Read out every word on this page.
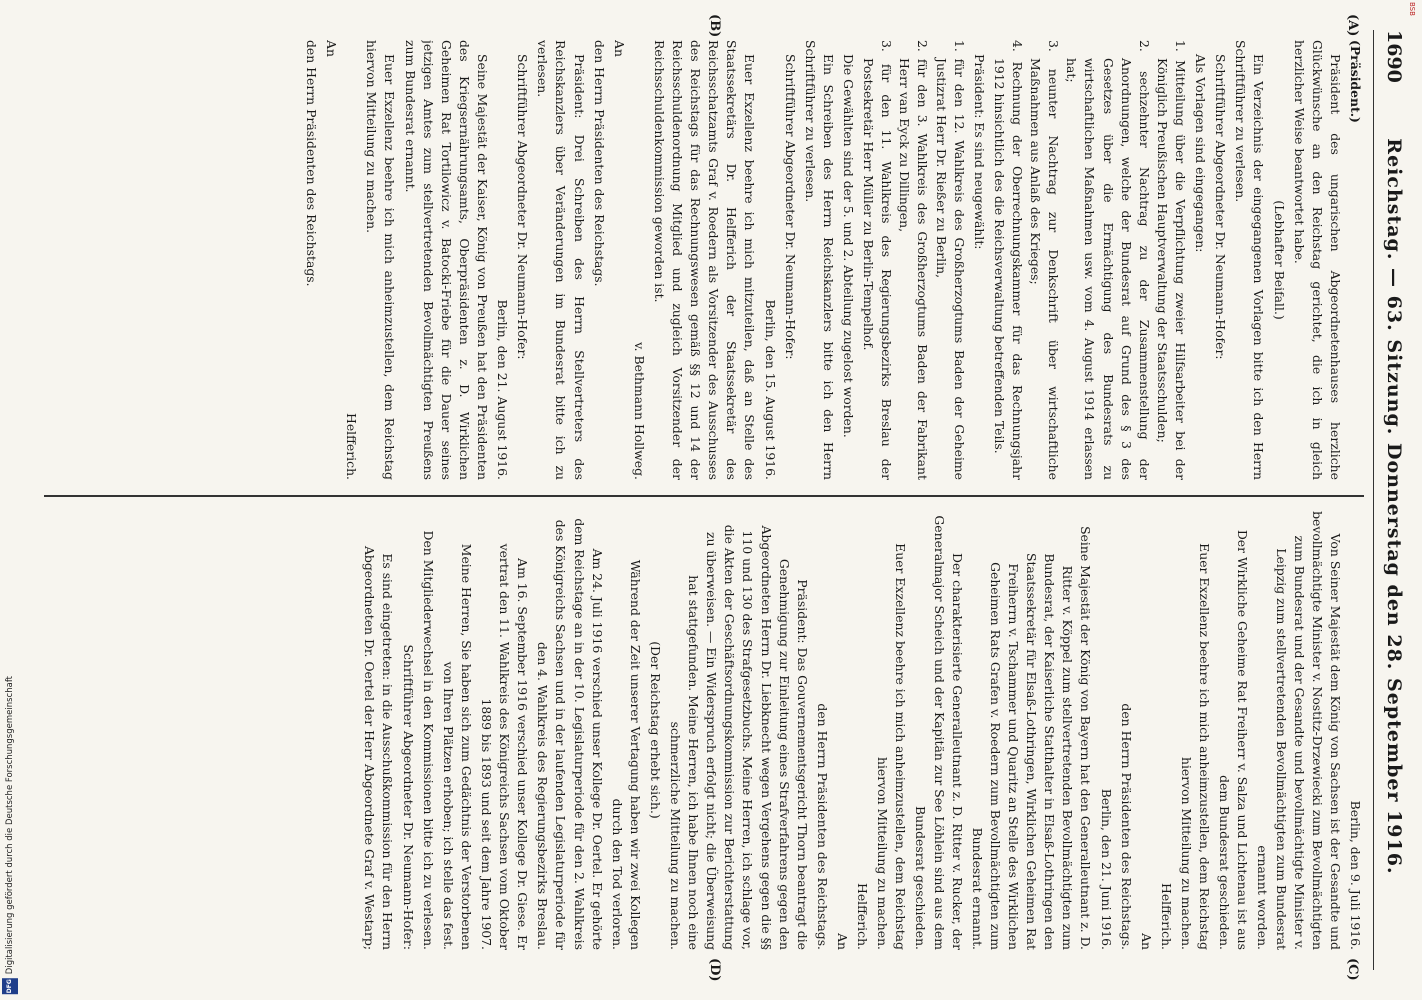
1690
Reichstag. — 63. Sitzung. Donnerstag den 28. September 1916.
(A)
(B)
(C)
(D)

(Präsident.)

Präsident des ungarischen Abgeordnetenhauses herzliche Glückwünsche an den Reichstag gerichtet, die ich in gleich herzlicher Weise beantwortet habe.

(Lebhafter Beifall.)

Ein Verzeichnis der eingegangenen Vorlagen bitte ich den Herrn Schriftführer zu verlesen.

Schriftführer Abgeordneter Dr. Neumann-Hofer:

Als Vorlagen sind eingegangen:

1. Mitteilung über die Verpflichtung zweier Hilfsarbeiter bei der Königlich Preußischen Hauptverwaltung der Staatsschulden;
2. sechzehnter Nachtrag zu der Zusammenstellung der Anordnungen, welche der Bundesrat auf Grund des § 3 des Gesetzes über die Ermächtigung des Bundesrats zu wirtschaftlichen Maßnahmen usw. vom 4. August 1914 erlassen hat;
3. neunter Nachtrag zur Denkschrift über wirtschaftliche Maßnahmen aus Anlaß des Krieges;
4. Rechnung der Oberrechnungskammer für das Rechnungsjahr 1912 hinsichtlich des die Reichsverwaltung betreffenden Teils.

Präsident: Es sind neugewählt:

1. für den 12. Wahlkreis des Großherzogtums Baden der Geheime Justizrat Herr Dr. Rießer zu Berlin,
2. für den 3. Wahlkreis des Großherzogtums Baden der Fabrikant Herr van Eyck zu Dillingen,
3. für den 11. Wahlkreis des Regierungsbezirks Breslau der Postsekretär Herr Müller zu Berlin-Tempelhof.

Die Gewählten sind der 5. und 2. Abteilung zugelost worden.

Ein Schreiben des Herrn Reichskanzlers bitte ich den Herrn Schriftführer zu verlesen.

Schriftführer Abgeordneter Dr. Neumann-Hofer:

Berlin, den 15. August 1916.

Euer Exzellenz beehre ich mich mitzuteilen, daß an Stelle des Staatssekretärs Dr. Helfferich der Staatssekretär des Reichsschatzamts Graf v. Roedern als Vorsitzender des Ausschusses des Reichstags für das Rechnungswesen gemäß §§ 12 und 14 der Reichsschuldenordnung Mitglied und zugleich Vorsitzender der Reichsschuldenkommission geworden ist.

v. Bethmann Hollweg.

An

den Herrn Präsidenten des Reichstags.

Präsident: Drei Schreiben des Herrn Stellvertreters des Reichskanzlers über Veränderungen im Bundesrat bitte ich zu verlesen.

Schriftführer Abgeordneter Dr. Neumann-Hofer:

Berlin, den 21. August 1916.

Seine Majestät der Kaiser, König von Preußen hat den Präsidenten des Kriegsernährungsamts, Oberpräsidenten z. D. Wirklichen Geheimen Rat Tortilowicz v. Batocki-Friebe für die Dauer seines jetzigen Amtes zum stellvertretenden Bevollmächtigten Preußens zum Bundesrat ernannt.

Euer Exzellenz beehre ich mich anheimzustellen, dem Reichstag hiervon Mitteilung zu machen.

Helfferich.

An

den Herrn Präsidenten des Reichstags.

Berlin, den 9. Juli 1916.

Von Seiner Majestät dem König von Sachsen ist der Gesandte und bevollmächtigte Minister v. Nostitz-Drzewiecki zum Bevollmächtigten zum Bundesrat und der Gesandte und bevollmächtigte Minister v. Leipzig zum stellvertretenden Bevollmächtigten zum Bundesrat ernannt worden.

Der Wirkliche Geheime Rat Freiherr v. Salza und Lichtenau ist aus dem Bundesrat geschieden.

Euer Exzellenz beehre ich mich anheimzustellen, dem Reichstag hiervon Mitteilung zu machen.

Helfferich.

An

den Herrn Präsidenten des Reichstags.

Berlin, den 21. Juni 1916.

Seine Majestät der König von Bayern hat den Generalleutnant z. D. Ritter v. Köppel zum stellvertretenden Bevollmächtigten zum Bundesrat, der Kaiserliche Statthalter in Elsaß-Lothringen den Staatssekretär für Elsaß-Lothringen, Wirklichen Geheimen Rat Freiherrn v. Tschammer und Quaritz an Stelle des Wirklichen Geheimen Rats Grafen v. Roedern zum Bevollmächtigten zum Bundesrat ernannt.

Der charakterisierte Generalleutnant z. D. Ritter v. Rucker, der Generalmajor Scheich und der Kapitän zur See Löhlein sind aus dem Bundesrat geschieden.

Euer Exzellenz beehre ich mich anheimzustellen, dem Reichstag hiervon Mitteilung zu machen.

Helfferich.

An

den Herrn Präsidenten des Reichstags.

Präsident: Das Gouvernementsgericht Thorn beantragt die Genehmigung zur Einleitung eines Strafverfahrens gegen den Abgeordneten Herrn Dr. Liebknecht wegen Vergehens gegen die §§ 110 und 130 des Strafgesetzbuchs. Meine Herren, ich schlage vor, die Akten der Geschäftsordnungskommission zur Berichterstattung zu überweisen. — Ein Widerspruch erfolgt nicht; die Überweisung hat stattgefunden. Meine Herren, ich habe Ihnen noch eine schmerzliche Mitteilung zu machen.

(Der Reichstag erhebt sich.)

Während der Zeit unserer Vertagung haben wir zwei Kollegen durch den Tod verloren.

Am 24. Juli 1916 verschied unser Kollege Dr. Oertel. Er gehörte dem Reichstage an in der 10. Legislaturperiode für den 2. Wahlkreis des Königreichs Sachsen und in der laufenden Legislaturperiode für den 4. Wahlkreis des Regierungsbezirks Breslau.

Am 16. September 1916 verschied unser Kollege Dr. Giese. Er vertrat den 11. Wahlkreis des Königreichs Sachsen vom Oktober 1889 bis 1893 und seit dem Jahre 1907.

Meine Herren, Sie haben sich zum Gedächtnis der Verstorbenen von Ihren Plätzen erhoben; ich stelle das fest.

Den Mitgliederwechsel in den Kommissionen bitte ich zu verlesen.

Schriftführer Abgeordneter Dr. Neumann-Hofer:

Es sind eingetreten: in die Ausschußkommission für den Herrn Abgeordneten Dr. Oertel der Herr Abgeordnete Graf v. Westarp;

DFG
Digitalisierung gefördert durch die Deutsche Forschungsgemeinschaft
BSB
